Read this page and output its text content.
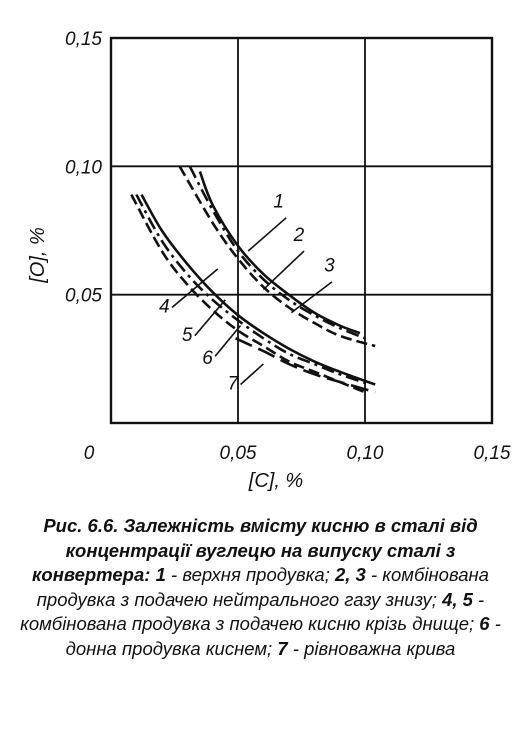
1
2
3
4
5
6
7
0	0,05	0,10	0,15
0,05
0,10
0,15
[C], %
[O], %
Рис. 6.6. Залежність вмісту кисню в сталі від концентрації вуглецю на випуску сталі з конвертера: 1 - верхня продувка; 2, 3 - комбінована продувка з подачею нейтрального газу знизу; 4, 5 - комбінована продувка з подачею кисню крізь днище; 6 - донна продувка киснем; 7 - рівноважна крива
